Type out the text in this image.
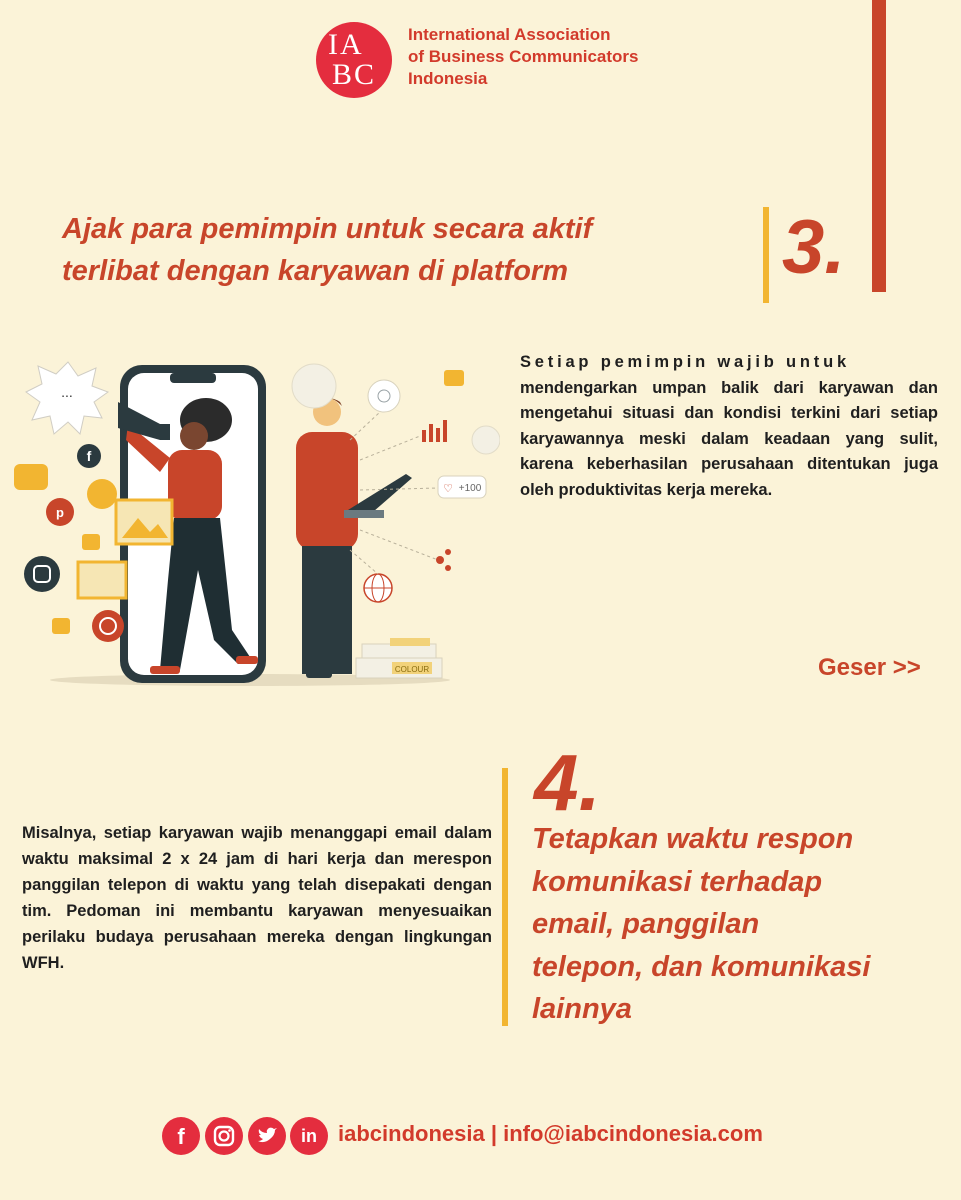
IA
BC
International Association
of Business Communicators
Indonesia
Ajak para pemimpin untuk secara aktif
terlibat dengan karyawan di platform	3.
...
COLOUR
f
p
+100
♡
Setiap pemimpin wajib untuk
mendengarkan umpan balik dari karyawan dan mengetahui situasi dan kondisi terkini dari setiap karyawannya meski dalam keadaan yang sulit, karena keberhasilan perusahaan ditentukan juga oleh produktivitas kerja mereka.
Geser >>
Misalnya, setiap karyawan wajib menanggapi email dalam waktu maksimal 2 x 24 jam di hari kerja dan merespon panggilan telepon di waktu yang telah disepakati dengan tim. Pedoman ini membantu karyawan menyesuaikan perilaku budaya perusahaan mereka dengan lingkungan WFH.
4.
Tetapkan waktu respon
komunikasi terhadap
email, panggilan
telepon, dan komunikasi
lainnya
f	in iabcindonesia | info@iabcindonesia.com
